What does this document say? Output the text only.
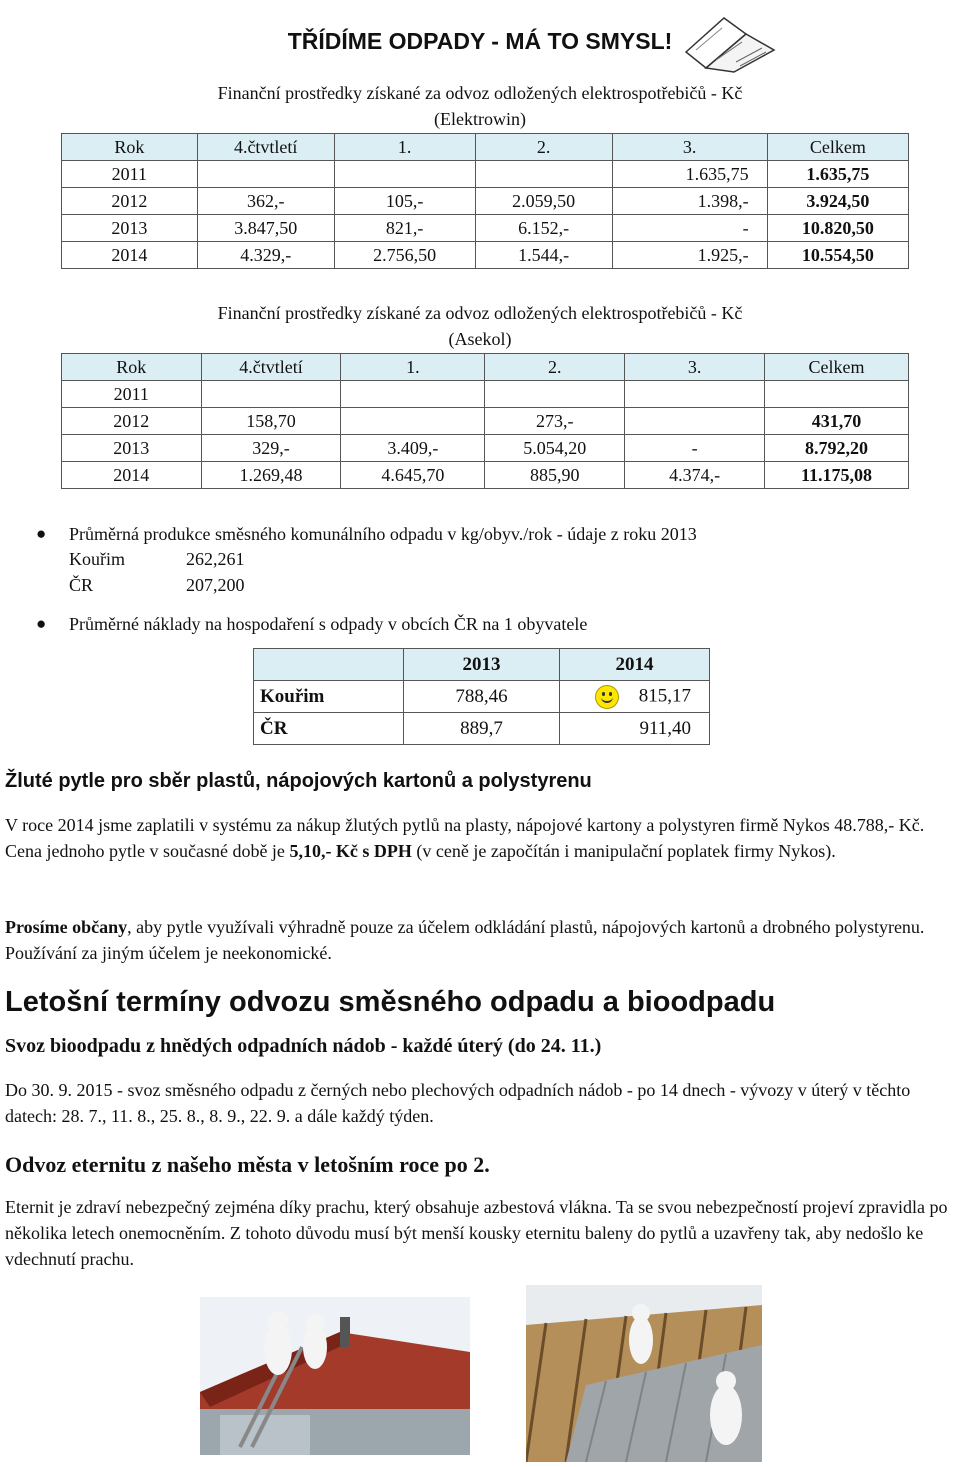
TŘÍDÍME ODPADY - MÁ TO SMYSL!
Finanční prostředky získané za odvoz odložených elektrospotřebičů - Kč
(Elektrowin)
Rok	4.čtvtletí	1.	2.	3.	Celkem
2011				1.635,75	1.635,75
2012	362,-	105,-	2.059,50	1.398,-	3.924,50
2013	3.847,50	821,-	6.152,-	-	10.820,50
2014	4.329,-	2.756,50	1.544,-	1.925,-	10.554,50
Finanční prostředky získané za odvoz odložených elektrospotřebičů - Kč
(Asekol)
Rok	4.čtvtletí	1.	2.	3.	Celkem
2011					
2012	158,70		273,-		431,70
2013	329,-	3.409,-	5.054,20	-	8.792,20
2014	1.269,48	4.645,70	885,90	4.374,-	11.175,08
● Průměrná produkce směsného komunálního odpadu v kg/obyv./rok - údaje z roku 2013
Kouřim	262,261
ČR	207,200
● Průměrné náklady na hospodaření s odpady v obcích ČR na 1 obyvatele
	2013	2014
Kouřim	788,46	815,17
ČR	889,7	911,40
Žluté pytle pro sběr plastů, nápojových kartonů a polystyrenu
V roce 2014 jsme zaplatili v systému za nákup žlutých pytlů na plasty, nápojové kartony a polystyren firmě Nykos 48.788,- Kč. Cena jednoho pytle v současné době je 5,10,- Kč s DPH (v ceně je započítán i manipulační poplatek firmy Nykos).
Prosíme občany, aby pytle využívali výhradně pouze za účelem odkládání plastů, nápojových kartonů a drobného polystyrenu. Používání za jiným účelem je neekonomické.
Letošní termíny odvozu směsného odpadu a bioodpadu
Svoz bioodpadu z hnědých odpadních nádob - každé úterý (do 24. 11.)
Do 30. 9. 2015 - svoz směsného odpadu z černých nebo plechových odpadních nádob - po 14 dnech - vývozy v úterý v těchto datech: 28. 7., 11. 8., 25. 8., 8. 9., 22. 9. a dále každý týden.
Odvoz eternitu z našeho města v letošním roce po 2.
Eternit je zdraví nebezpečný zejména díky prachu, který obsahuje azbestová vlákna. Ta se svou nebezpečností projeví zpravidla po několika letech onemocněním. Z tohoto důvodu musí být menší kousky eternitu baleny do pytlů a uzavřeny tak, aby nedošlo ke vdechnutí prachu.
